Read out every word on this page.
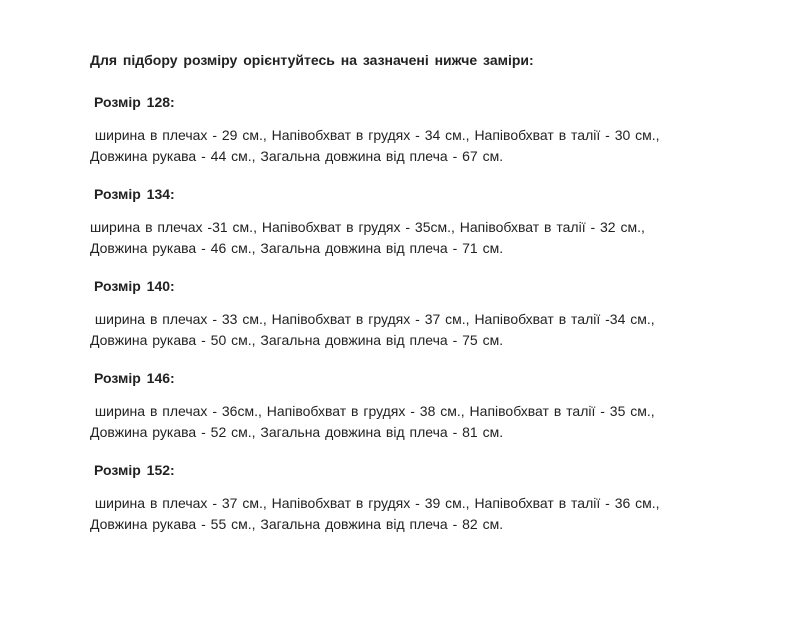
Для підбору розміру орієнтуйтесь на зазначені нижче заміри:

Розмір 128:

ширина в плечах - 29 см., Напівобхват в грудях - 34 см., Напівобхват в талії - 30 см.,
Довжина рукава - 44 см., Загальна довжина від плеча - 67 см.

Розмір 134:

ширина в плечах -31 см., Напівобхват в грудях - 35см., Напівобхват в талії - 32 см.,
Довжина рукава - 46 см., Загальна довжина від плеча - 71 см.

Розмір 140:

ширина в плечах - 33 см., Напівобхват в грудях - 37 см., Напівобхват в талії -34 см.,
Довжина рукава - 50 см., Загальна довжина від плеча - 75 см.

Розмір 146:

ширина в плечах - 36см., Напівобхват в грудях - 38 см., Напівобхват в талії - 35 см.,
Довжина рукава - 52 см., Загальна довжина від плеча - 81 см.

Розмір 152:

ширина в плечах - 37 см., Напівобхват в грудях - 39 см., Напівобхват в талії - 36 см.,
Довжина рукава - 55 см., Загальна довжина від плеча - 82 см.
